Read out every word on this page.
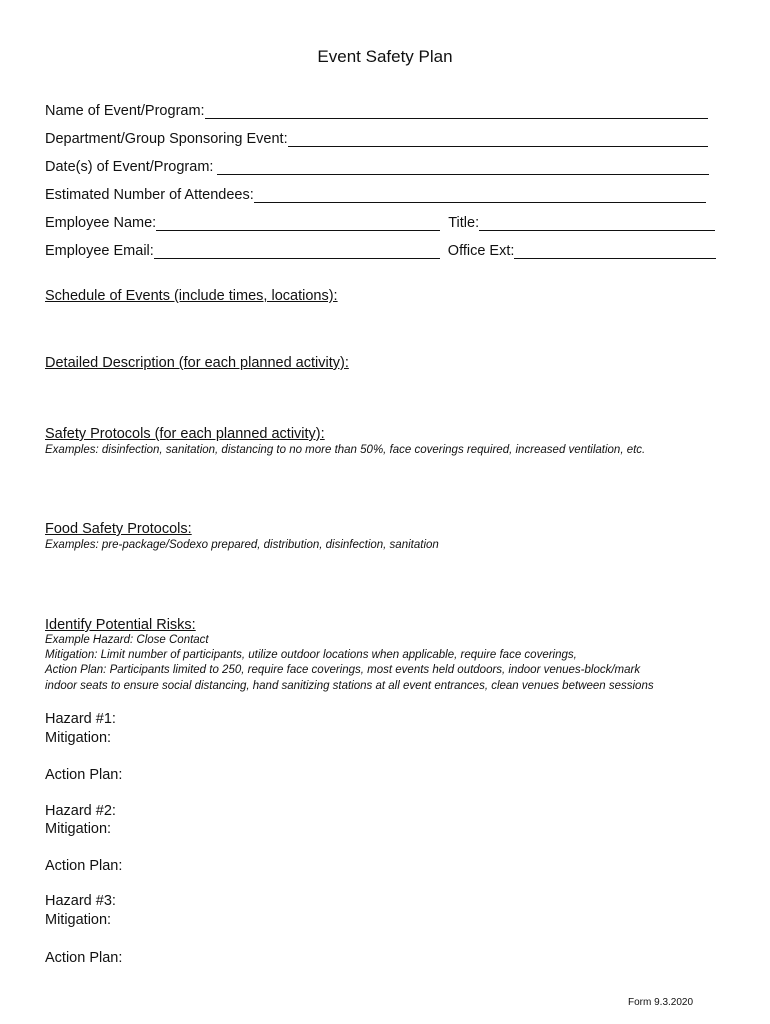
Event Safety Plan
Name of Event/Program:
Department/Group Sponsoring Event:
Date(s) of Event/Program:
Estimated Number of Attendees:
Employee Name:	Title:
Employee Email:	Office Ext:
Schedule of Events (include times, locations):
Detailed Description (for each planned activity):
Safety Protocols (for each planned activity):
Examples: disinfection, sanitation, distancing to no more than 50%, face coverings required, increased ventilation, etc.
Food Safety Protocols:
Examples: pre-package/Sodexo prepared, distribution, disinfection, sanitation
Identify Potential Risks:
Example Hazard: Close Contact
Mitigation: Limit number of participants, utilize outdoor locations when applicable, require face coverings,
Action Plan: Participants limited to 250, require face coverings, most events held outdoors, indoor venues-block/mark
indoor seats to ensure social distancing, hand sanitizing stations at all event entrances, clean venues between sessions
Hazard #1:
Mitigation:
Action Plan:
Hazard #2:
Mitigation:
Action Plan:
Hazard #3:
Mitigation:
Action Plan:
Form 9.3.2020
